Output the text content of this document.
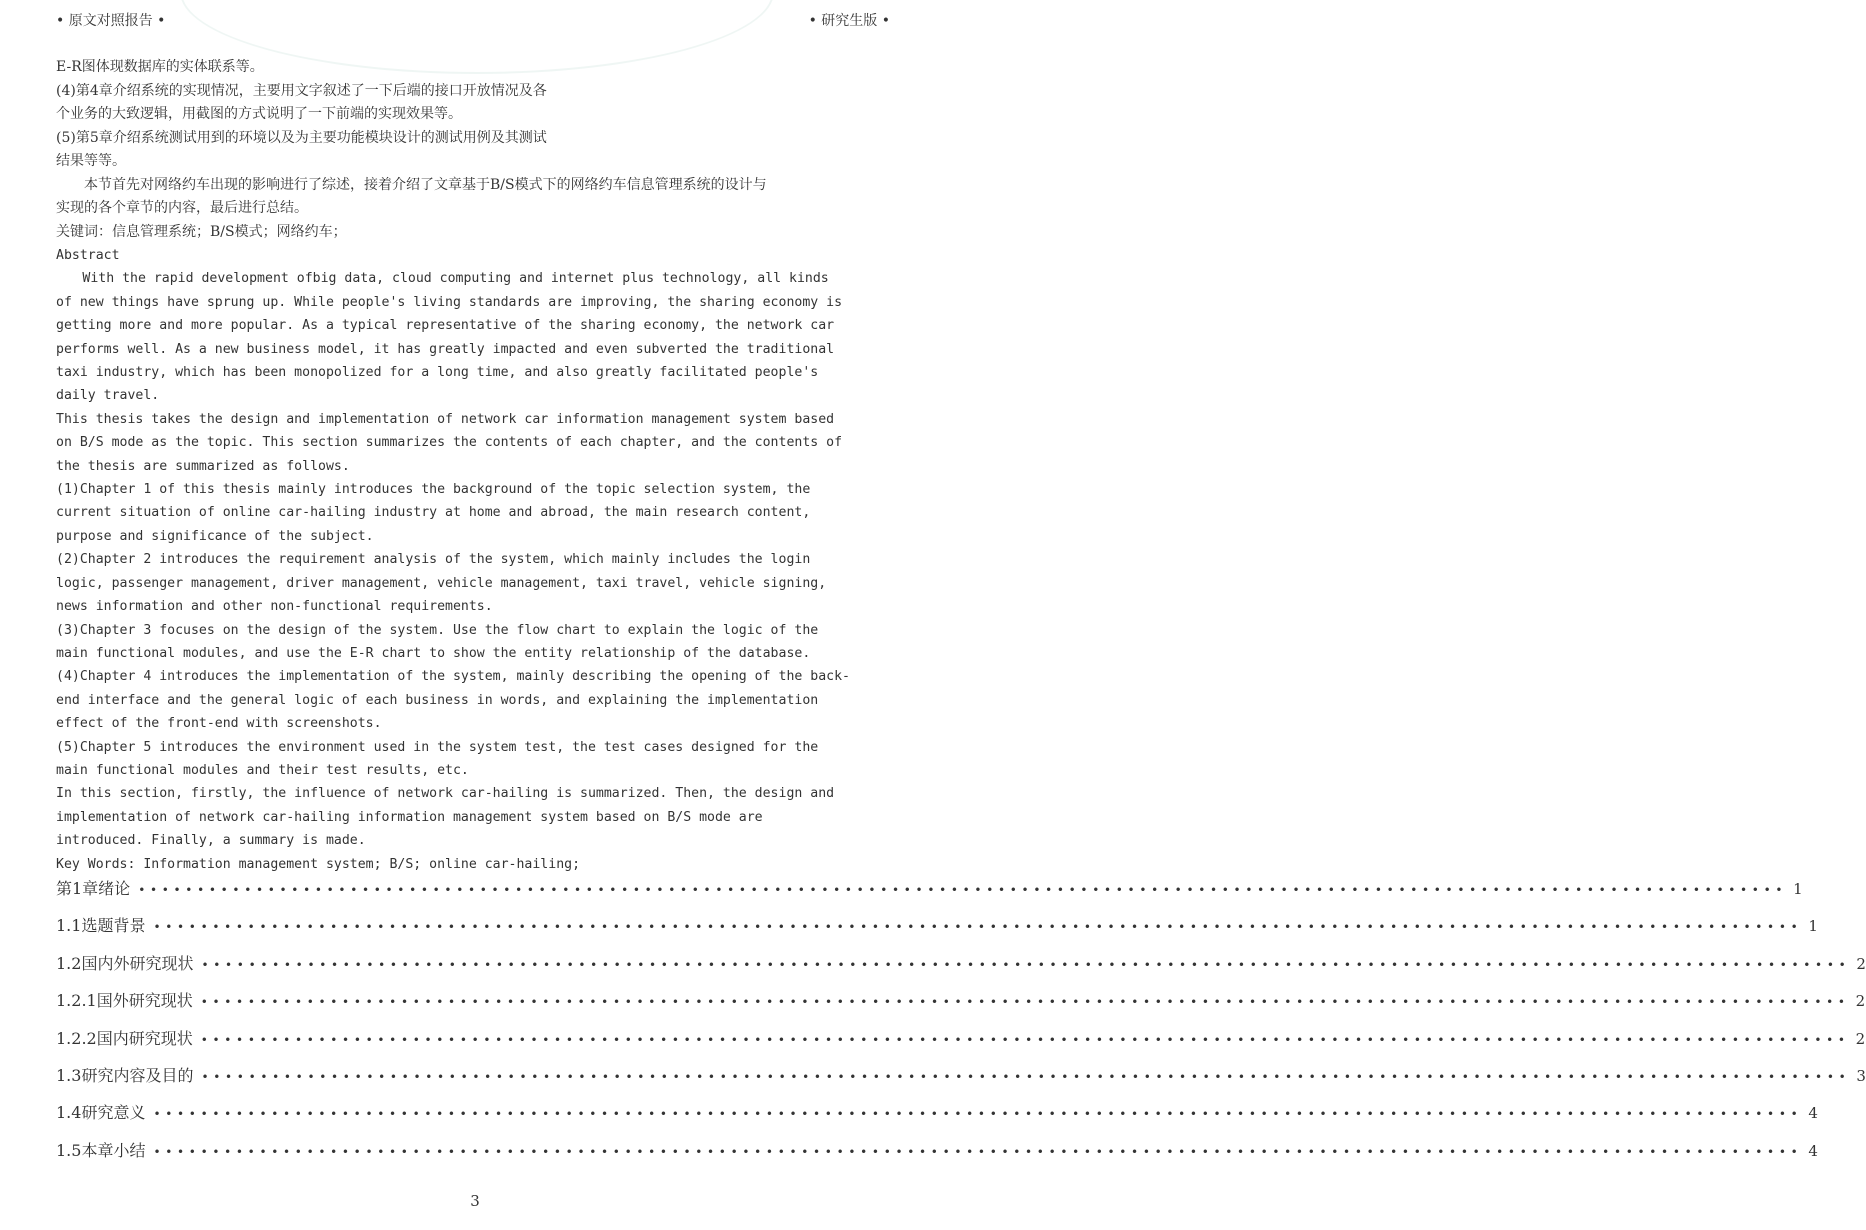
• 原文对照报告 •	• 研究生版 •

E-R图体现数据库的实体联系等。

(4)第4章介绍系统的实现情况，主要用文字叙述了一下后端的接口开放情况及各

个业务的大致逻辑，用截图的方式说明了一下前端的实现效果等。

(5)第5章介绍系统测试用到的环境以及为主要功能模块设计的测试用例及其测试

结果等等。

本节首先对网络约车出现的影响进行了综述，接着介绍了文章基于B/S模式下的网络约车信息管理系统的设计与

实现的各个章节的内容，最后进行总结。

关键词：信息管理系统；B/S模式；网络约车；

Abstract

With the rapid development ofbig data, cloud computing and internet plus technology, all kinds

of new things have sprung up. While people's living standards are improving, the sharing economy is

getting more and more popular. As a typical representative of the sharing economy, the network car

performs well. As a new business model, it has greatly impacted and even subverted the traditional

taxi industry, which has been monopolized for a long time, and also greatly facilitated people's

daily travel.

This thesis takes the design and implementation of network car information management system based

on B/S mode as the topic. This section summarizes the contents of each chapter, and the contents of

the thesis are summarized as follows.

(1)Chapter 1 of this thesis mainly introduces the background of the topic selection system, the

current situation of online car-hailing industry at home and abroad, the main research content,

purpose and significance of the subject.

(2)Chapter 2 introduces the requirement analysis of the system, which mainly includes the login

logic, passenger management, driver management, vehicle management, taxi travel, vehicle signing,

news information and other non-functional requirements.

(3)Chapter 3 focuses on the design of the system. Use the flow chart to explain the logic of the

main functional modules, and use the E-R chart to show the entity relationship of the database.

(4)Chapter 4 introduces the implementation of the system, mainly describing the opening of the back-

end interface and the general logic of each business in words, and explaining the implementation

effect of the front-end with screenshots.

(5)Chapter 5 introduces the environment used in the system test, the test cases designed for the

main functional modules and their test results, etc.

In this section, firstly, the influence of network car-hailing is summarized. Then, the design and

implementation of network car-hailing information management system based on B/S mode are

introduced. Finally, a summary is made.

Key Words: Information management system; B/S; online car-hailing;

第1章绪论 •••••••••••••••••••••••••••••••••••••••••••••••••••••••••••••••••••••••••••••••••••••••••••••••••••••••••••••••••••••••••••••••••••••••••••• 1
1.1选题背景 •••••••••••••••••••••••••••••••••••••••••••••••••••••••••••••••••••••••••••••••••••••••••••••••••••••••••••••••••••••••••••••••••••••••••••• 1
1.2国内外研究现状 •••••••••••••••••••••••••••••••••••••••••••••••••••••••••••••••••••••••••••••••••••••••••••••••••••••••••••••••••••••••••••••••••••••••••••• 2
1.2.1国外研究现状 •••••••••••••••••••••••••••••••••••••••••••••••••••••••••••••••••••••••••••••••••••••••••••••••••••••••••••••••••••••••••••••••••••••••••••• 2
1.2.2国内研究现状 •••••••••••••••••••••••••••••••••••••••••••••••••••••••••••••••••••••••••••••••••••••••••••••••••••••••••••••••••••••••••••••••••••••••••••• 2
1.3研究内容及目的 •••••••••••••••••••••••••••••••••••••••••••••••••••••••••••••••••••••••••••••••••••••••••••••••••••••••••••••••••••••••••••••••••••••••••••• 3
1.4研究意义 •••••••••••••••••••••••••••••••••••••••••••••••••••••••••••••••••••••••••••••••••••••••••••••••••••••••••••••••••••••••••••••••••••••••••••• 4
1.5本章小结 •••••••••••••••••••••••••••••••••••••••••••••••••••••••••••••••••••••••••••••••••••••••••••••••••••••••••••••••••••••••••••••••••••••••••••• 4
3
